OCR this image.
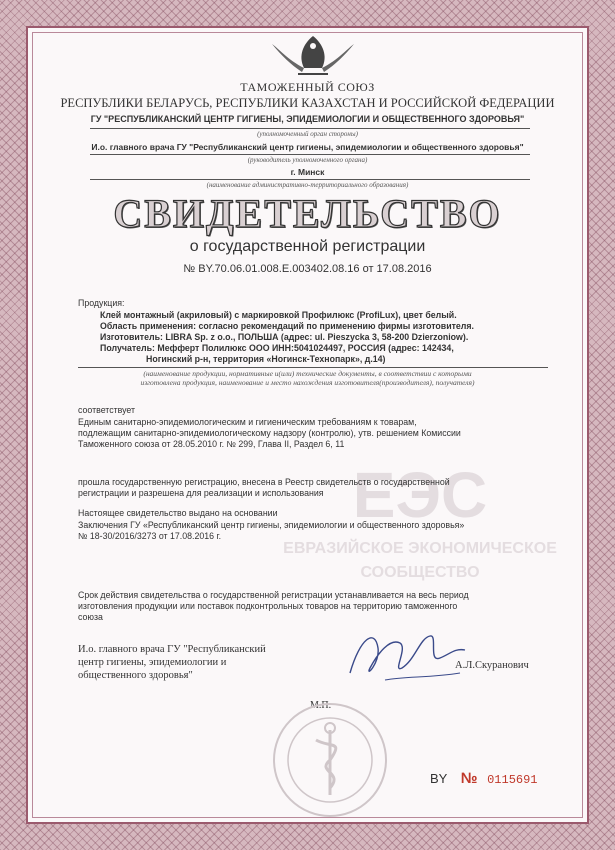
ТАМОЖЕННЫЙ СОЮЗ
РЕСПУБЛИКИ БЕЛАРУСЬ, РЕСПУБЛИКИ КАЗАХСТАН И РОССИЙСКОЙ ФЕДЕРАЦИИ
ГУ "РЕСПУБЛИКАНСКИЙ ЦЕНТР ГИГИЕНЫ, ЭПИДЕМИОЛОГИИ И ОБЩЕСТВЕННОГО ЗДОРОВЬЯ"
(уполномоченный орган стороны)
И.о. главного врача ГУ "Республиканский центр гигиены, эпидемиологии и общественного здоровья"
(руководитель уполномоченного органа)
г. Минск
(наименование административно-территориального образования)
СВИДЕТЕЛЬСТВО
о государственной регистрации
№ BY.70.06.01.008.Е.003402.08.16 от 17.08.2016
ЕЭС
ЕВРАЗИЙСКОЕ ЭКОНОМИЧЕСКОЕ
СООБЩЕСТВО
Продукция:
Клей монтажный (акриловый) с маркировкой Профилюкс (ProfiLux), цвет белый.
Область применения: согласно рекомендаций по применению фирмы изготовителя.
Изготовитель: LIBRA Sp. z o.o., ПОЛЬША (адрес: ul. Pieszycka 3, 58-200 Dzierzoniow).
Получатель: Мефферт Полилюкс ООО ИНН:5041024497, РОССИЯ (адрес: 142434,
Ногинский р-н, территория «Ногинск-Технопарк», д.14)
(наименование продукции, нормативные и(или) технические документы, в соответствии с которыми
изготовлена продукция, наименование и место нахождения изготовителя(производителя), получателя)
соответствует
Единым санитарно-эпидемиологическим и гигиеническим требованиям к товарам,
подлежащим санитарно-эпидемиологическому надзору (контролю), утв. решением Комиссии
Таможенного союза от 28.05.2010 г. № 299, Глава II, Раздел 6, 11
прошла государственную регистрацию, внесена в Реестр свидетельств о государственной
регистрации и разрешена для реализации и использования
Настоящее свидетельство выдано на основании
Заключения ГУ «Республиканский центр гигиены, эпидемиологии и общественного здоровья»
№ 18-30/2016/3273 от 17.08.2016 г.
Срок действия свидетельства о государственной регистрации устанавливается на весь период
изготовления продукции или поставок подконтрольных товаров на территорию таможенного
союза
И.о. главного врача ГУ "Республиканский
центр гигиены, эпидемиологии и
общественного здоровья"
А.Л.Скуранович
М.П.
BY № 0115691
